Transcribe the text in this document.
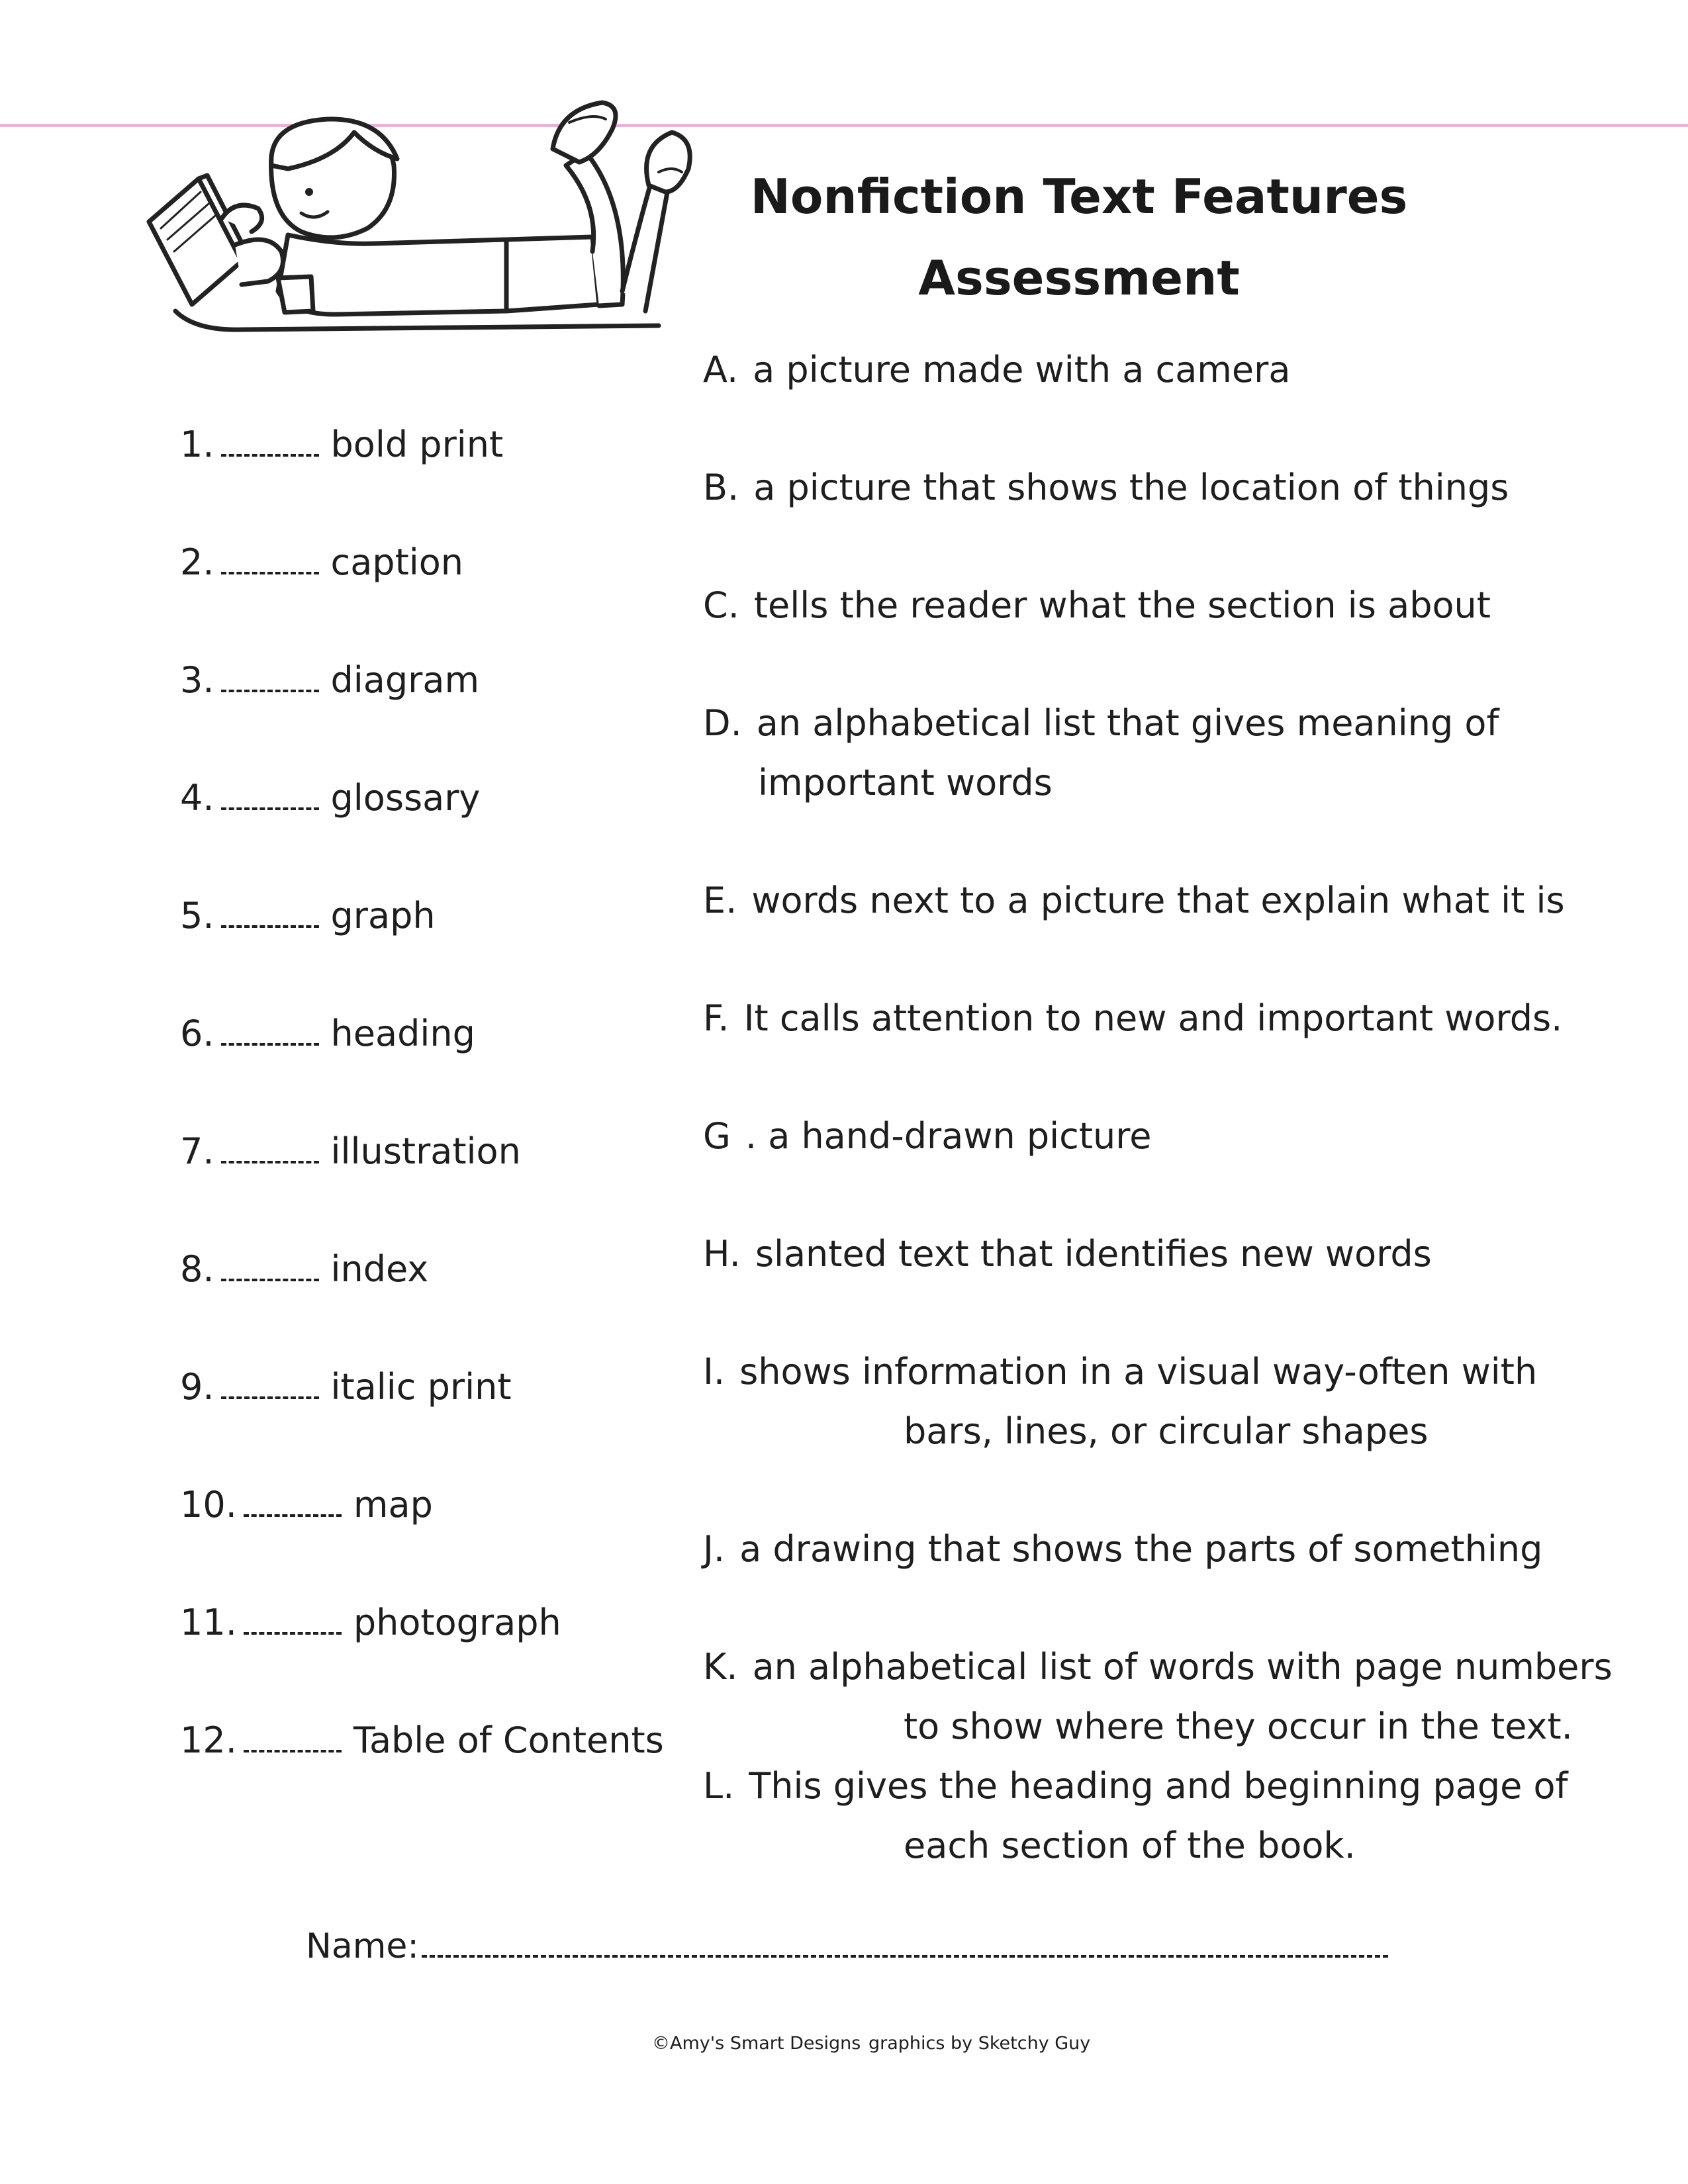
Nonfiction Text Features
Assessment
1.	bold print
2.	caption
3.	diagram
4.	glossary
5.	graph
6.	heading
7.	illustration
8.	index
9.	italic print
10.	map
11.	photograph
12.	Table of Contents
A. a picture made with a camera
B. a picture that shows the location of things
C. tells the reader what the section is about
D. an alphabetical list that gives meaning of
important words
E. words next to a picture that explain what it is
F. It calls attention to new and important words.
G . a hand-drawn picture
H. slanted text that identifies new words
I. shows information in a visual way-often with
bars, lines, or circular shapes
J. a drawing that shows the parts of something
K. an alphabetical list of words with page numbers
to show where they occur in the text.
L. This gives the heading and beginning page of
each section of the book.
Name:
©Amy's Smart Designs graphics by Sketchy Guy
